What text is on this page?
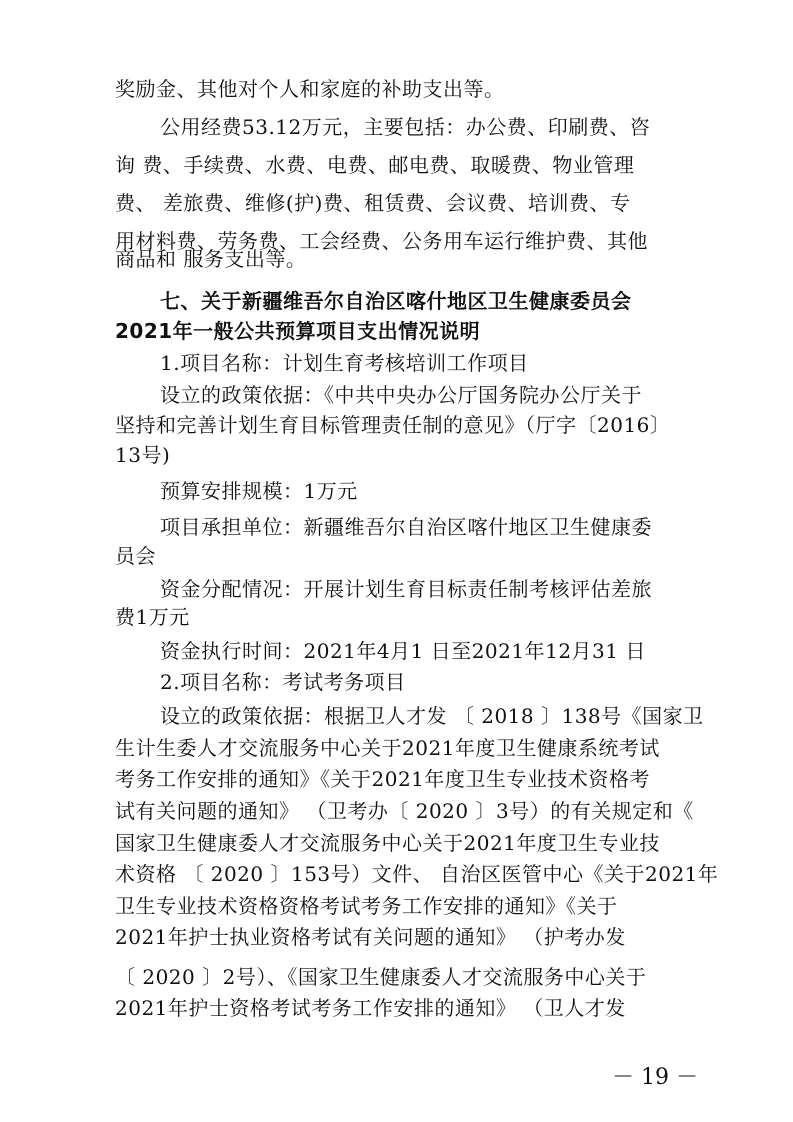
奖励金、其他对个人和家庭的补助支出等。
公用经费53.12万元，主要包括：办公费、印刷费、咨
询 费、手续费、水费、电费、邮电费、取暖费、物业管理
费、 差旅费、维修(护)费、租赁费、会议费、培训费、专
用材料费、劳务费、工会经费、公务用车运行维护费、其他
商品和 服务支出等。
七、关于新疆维吾尔自治区喀什地区卫生健康委员会
2021年一般公共预算项目支出情况说明
1.项目名称：计划生育考核培训工作项目
设立的政策依据：《中共中央办公厅国务院办公厅关于
坚持和完善计划生育目标管理责任制的意见》（厅字〔2016〕
13号)
预算安排规模：1万元
项目承担单位：新疆维吾尔自治区喀什地区卫生健康委
员会
资金分配情况：开展计划生育目标责任制考核评估差旅
费1万元
资金执行时间：2021年4月1 日至2021年12月31 日
2.项目名称：考试考务项目
设立的政策依据：根据卫人才发 〔 2018 〕138号《国家卫
生计生委人才交流服务中心关于2021年度卫生健康系统考试
考务工作安排的通知》《关于2021年度卫生专业技术资格考
试有关问题的通知》 （卫考办〔 2020 〕3号）的有关规定和《
国家卫生健康委人才交流服务中心关于2021年度卫生专业技
术资格 〔 2020 〕153号）文件、 自治区医管中心《关于2021年
卫生专业技术资格资格考试考务工作安排的通知》《关于
2021年护士执业资格考试有关问题的通知》 （护考办发
〔 2020 〕2号）、《国家卫生健康委人才交流服务中心关于
2021年护士资格考试考务工作安排的通知》 （卫人才发
－ 19 －
